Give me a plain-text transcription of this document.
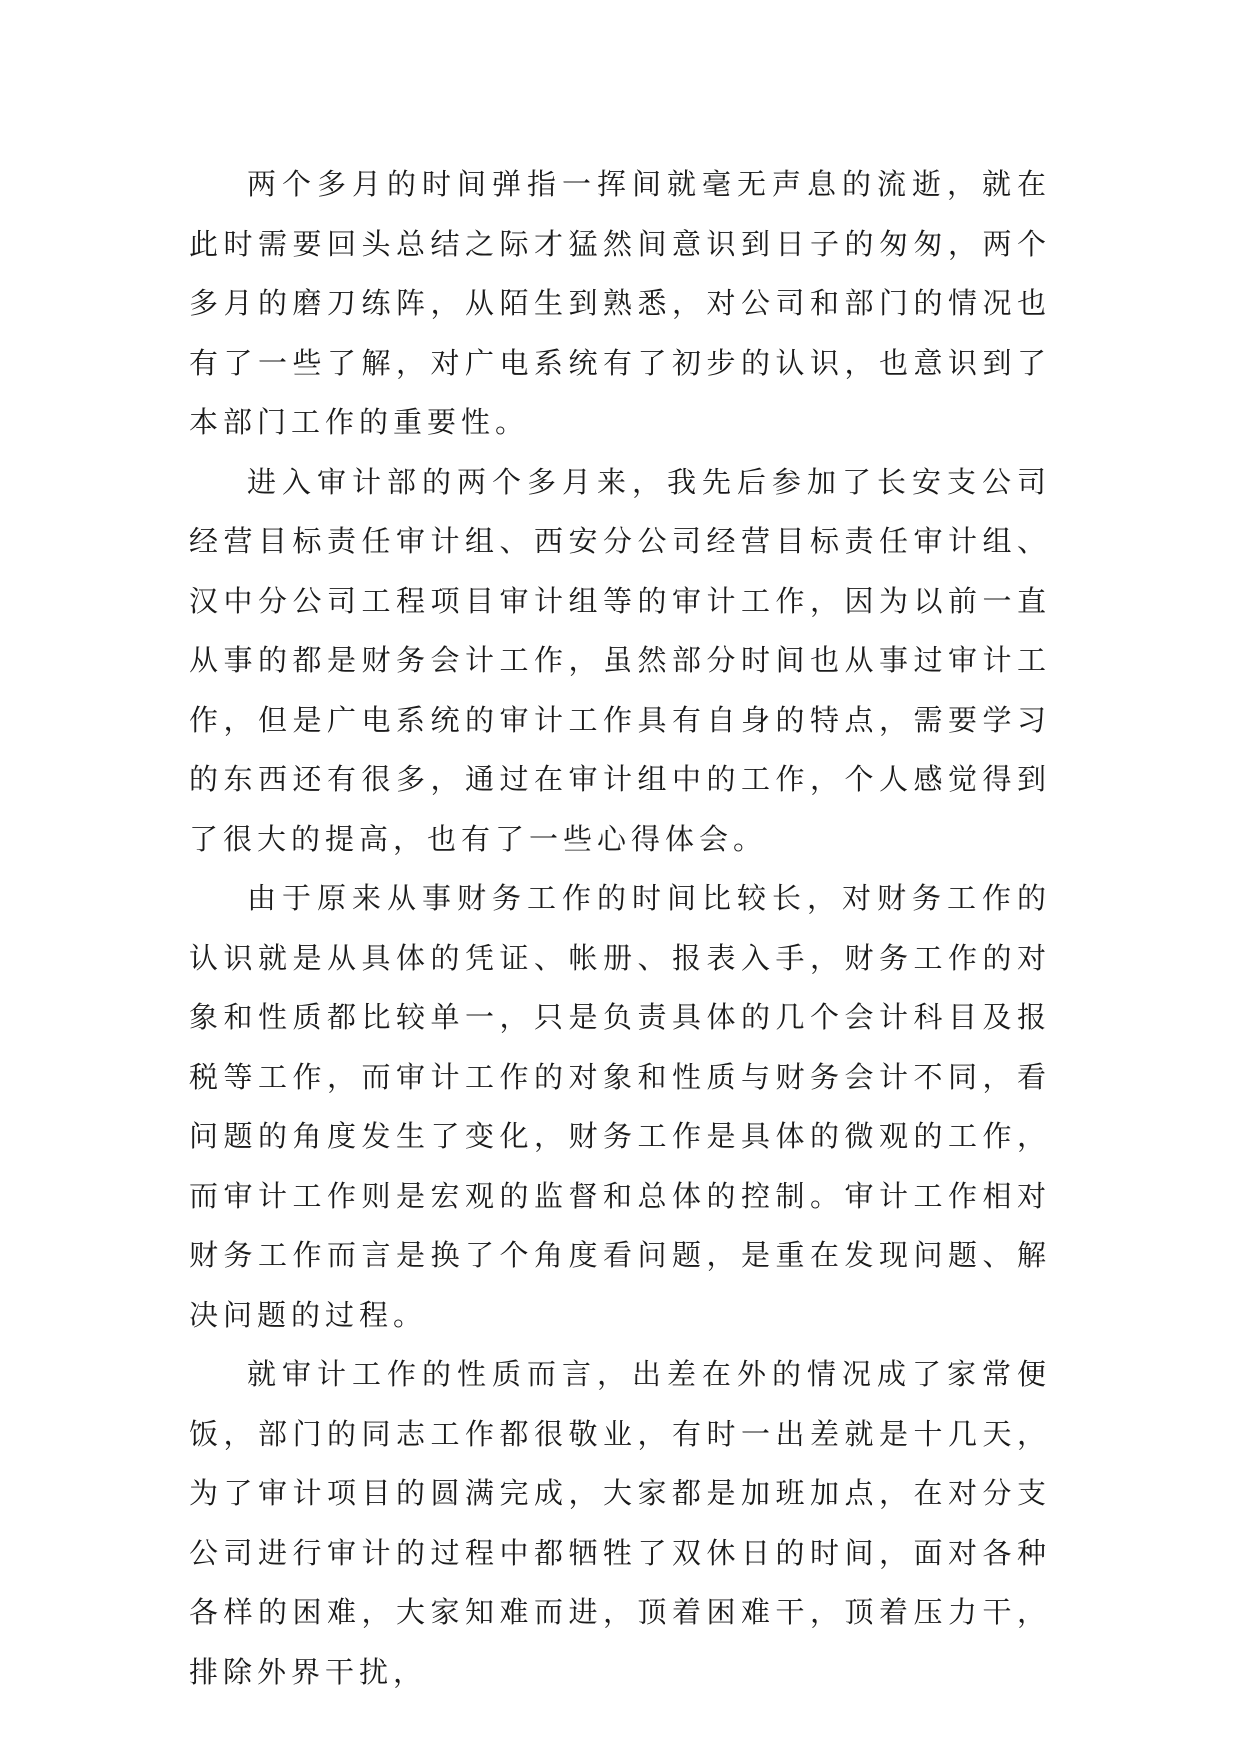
两个多月的时间弹指一挥间就毫无声息的流逝，就在此时需要回头总结之际才猛然间意识到日子的匆匆，两个多月的磨刀练阵，从陌生到熟悉，对公司和部门的情况也有了一些了解，对广电系统有了初步的认识，也意识到了本部门工作的重要性。

进入审计部的两个多月来，我先后参加了长安支公司经营目标责任审计组、西安分公司经营目标责任审计组、汉中分公司工程项目审计组等的审计工作，因为以前一直从事的都是财务会计工作，虽然部分时间也从事过审计工作，但是广电系统的审计工作具有自身的特点，需要学习的东西还有很多，通过在审计组中的工作，个人感觉得到了很大的提高，也有了一些心得体会。

由于原来从事财务工作的时间比较长，对财务工作的认识就是从具体的凭证、帐册、报表入手，财务工作的对象和性质都比较单一，只是负责具体的几个会计科目及报税等工作，而审计工作的对象和性质与财务会计不同，看问题的角度发生了变化，财务工作是具体的微观的工作，而审计工作则是宏观的监督和总体的控制。审计工作相对财务工作而言是换了个角度看问题，是重在发现问题、解决问题的过程。

就审计工作的性质而言，出差在外的情况成了家常便饭，部门的同志工作都很敬业，有时一出差就是十几天，为了审计项目的圆满完成，大家都是加班加点，在对分支公司进行审计的过程中都牺牲了双休日的时间，面对各种各样的困难，大家知难而进，顶着困难干，顶着压力干，排除外界干扰，
